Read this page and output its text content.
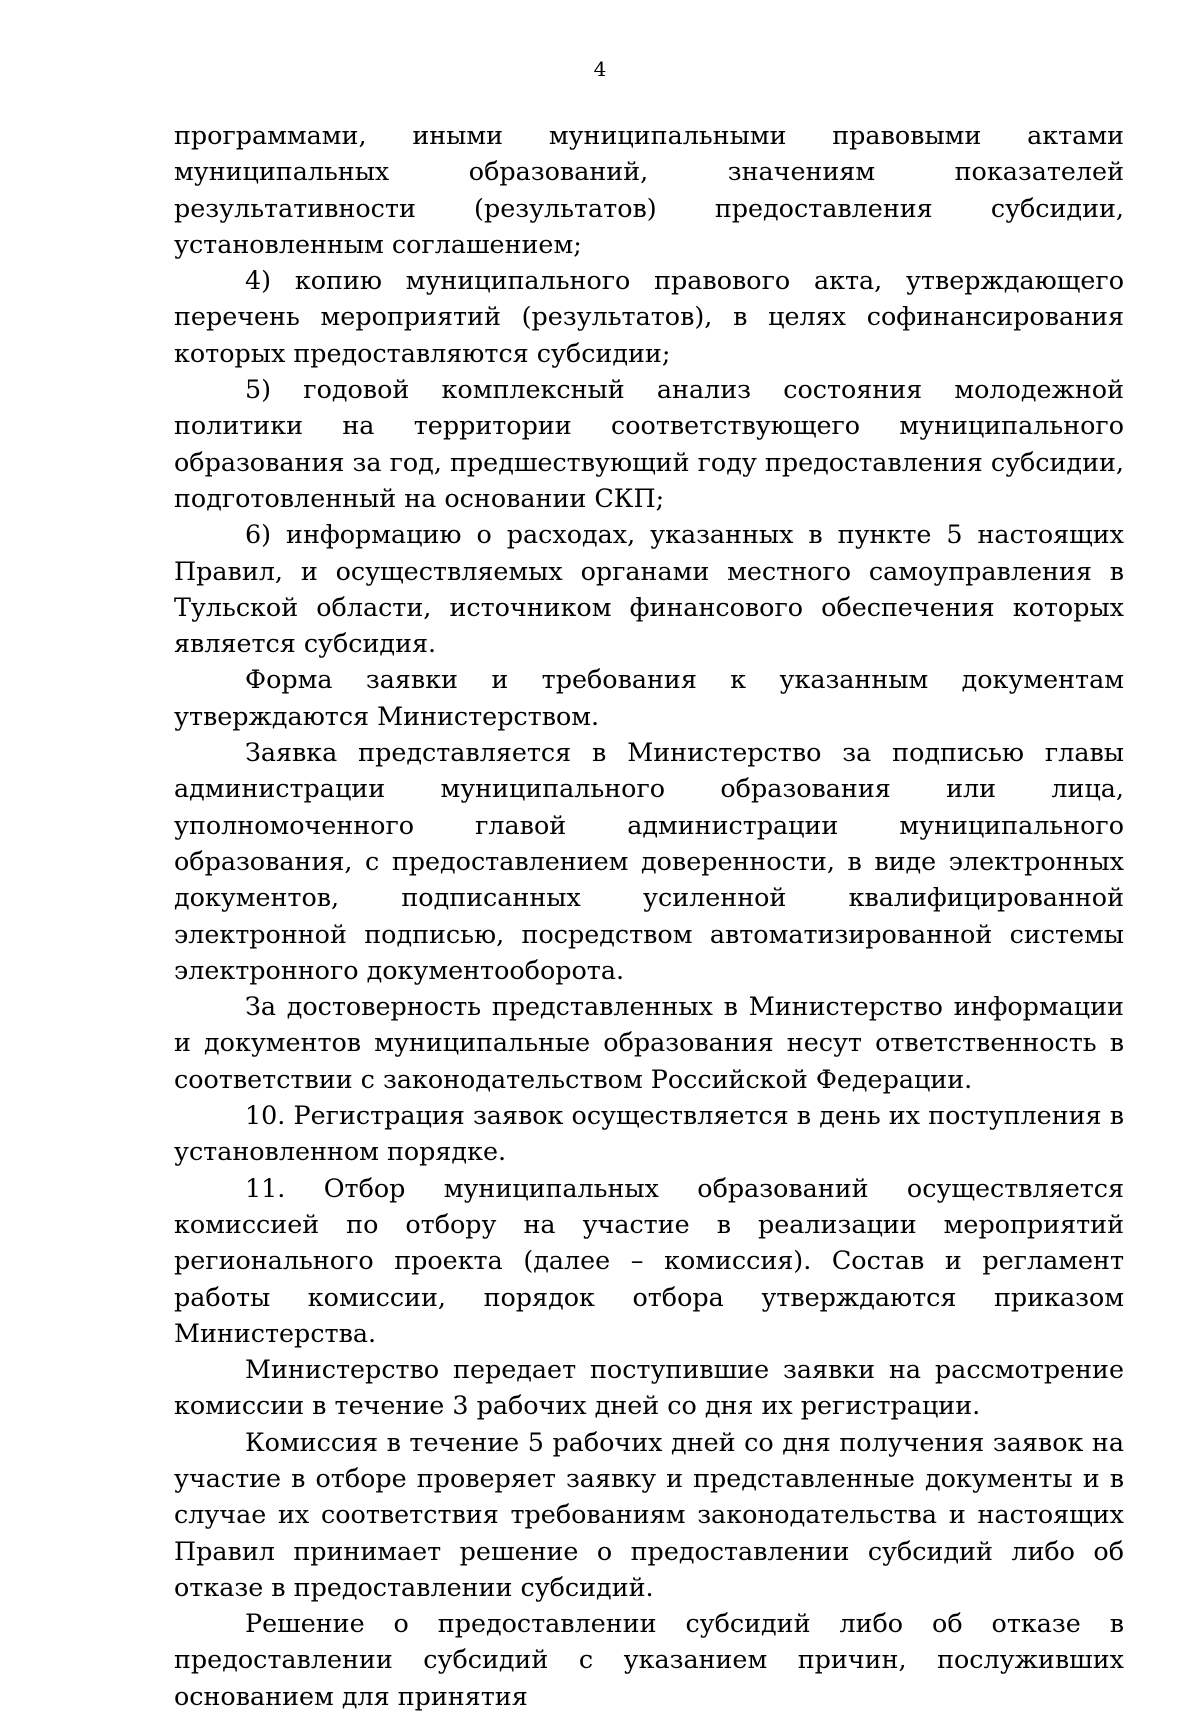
4

программами, иными муниципальными правовыми актами муниципальных образований, значениям показателей результативности (результатов) предоставления субсидии, установленным соглашением;

4) копию муниципального правового акта, утверждающего перечень мероприятий (результатов), в целях софинансирования которых предоставляются субсидии;

5) годовой комплексный анализ состояния молодежной политики на территории соответствующего муниципального образования за год, предшествующий году предоставления субсидии, подготовленный на основании СКП;

6) информацию о расходах, указанных в пункте 5 настоящих Правил, и осуществляемых органами местного самоуправления в Тульской области, источником финансового обеспечения которых является субсидия.

Форма заявки и требования к указанным документам утверждаются Министерством.

Заявка представляется в Министерство за подписью главы администрации муниципального образования или лица, уполномоченного главой администрации муниципального образования, с предоставлением доверенности, в виде электронных документов, подписанных усиленной квалифицированной электронной подписью, посредством автоматизированной системы электронного документооборота.

За достоверность представленных в Министерство информации и документов муниципальные образования несут ответственность в соответствии с законодательством Российской Федерации.

10. Регистрация заявок осуществляется в день их поступления в установленном порядке.

11. Отбор муниципальных образований осуществляется комиссией по отбору на участие в реализации мероприятий регионального проекта (далее – комиссия). Состав и регламент работы комиссии, порядок отбора утверждаются приказом Министерства.

Министерство передает поступившие заявки на рассмотрение комиссии в течение 3 рабочих дней со дня их регистрации.

Комиссия в течение 5 рабочих дней со дня получения заявок на участие в отборе проверяет заявку и представленные документы и в случае их соответствия требованиям законодательства и настоящих Правил принимает решение о предоставлении субсидий либо об отказе в предоставлении субсидий.

Решение о предоставлении субсидий либо об отказе в предоставлении субсидий с указанием причин, послуживших основанием для принятия
